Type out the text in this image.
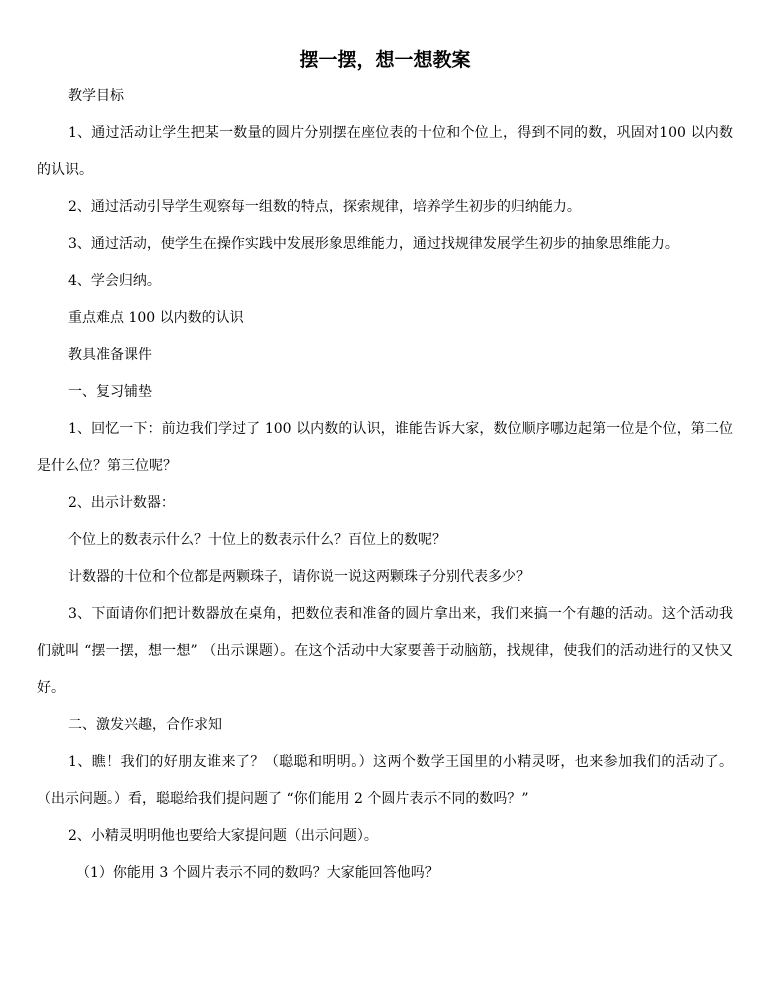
摆一摆，想一想教案

教学目标

1、通过活动让学生把某一数量的圆片分别摆在座位表的十位和个位上，得到不同的数，巩固对100 以内数的认识。

2、通过活动引导学生观察每一组数的特点，探索规律，培养学生初步的归纳能力。

3、通过活动，使学生在操作实践中发展形象思维能力，通过找规律发展学生初步的抽象思维能力。

4、学会归纳。

重点难点 100 以内数的认识

教具准备课件

一、复习铺垫

1、回忆一下：前边我们学过了 100 以内数的认识，谁能告诉大家，数位顺序哪边起第一位是个位，第二位是什么位？第三位呢？

2、出示计数器：

个位上的数表示什么？十位上的数表示什么？百位上的数呢？

计数器的十位和个位都是两颗珠子，请你说一说这两颗珠子分别代表多少？

3、下面请你们把计数器放在桌角，把数位表和准备的圆片拿出来，我们来搞一个有趣的活动。这个活动我们就叫 “摆一摆，想一想” （出示课题）。在这个活动中大家要善于动脑筋，找规律，使我们的活动进行的又快又好。

二、激发兴趣，合作求知

1、瞧！我们的好朋友谁来了？（聪聪和明明。）这两个数学王国里的小精灵呀，也来参加我们的活动了。（出示问题。）看，聪聪给我们提问题了 “你们能用 2 个圆片表示不同的数吗？”

2、小精灵明明他也要给大家提问题（出示问题）。

（1）你能用 3 个圆片表示不同的数吗？大家能回答他吗？
